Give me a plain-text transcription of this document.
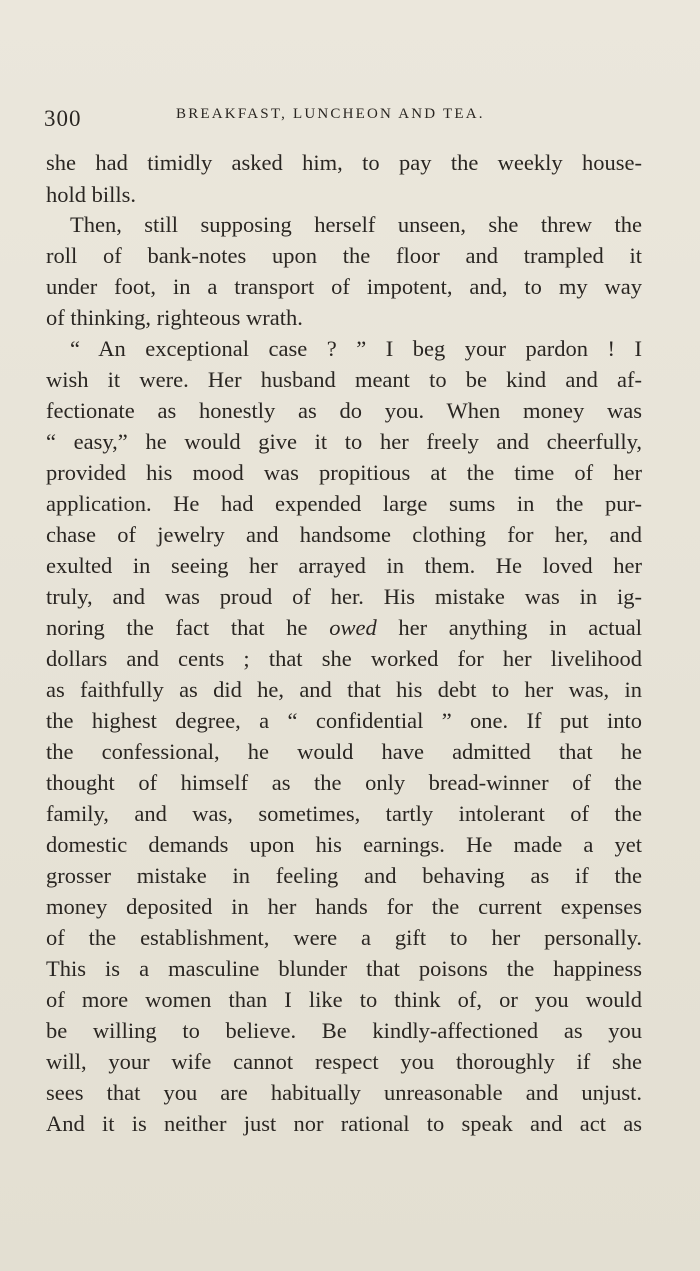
300	BREAKFAST, LUNCHEON AND TEA.
she had timidly asked him, to pay the weekly house-
hold bills.
Then, still supposing herself unseen, she threw the
roll of bank-notes upon the floor and trampled it
under foot, in a transport of impotent, and, to my way
of thinking, righteous wrath.
“ An exceptional case ? ” I beg your pardon ! I
wish it were. Her husband meant to be kind and af-
fectionate as honestly as do you. When money was
“ easy,” he would give it to her freely and cheerfully,
provided his mood was propitious at the time of her
application. He had expended large sums in the pur-
chase of jewelry and handsome clothing for her, and
exulted in seeing her arrayed in them. He loved her
truly, and was proud of her. His mistake was in ig-
noring the fact that he owed her anything in actual
dollars and cents ; that she worked for her livelihood
as faithfully as did he, and that his debt to her was, in
the highest degree, a “ confidential ” one. If put into
the confessional, he would have admitted that he
thought of himself as the only bread-winner of the
family, and was, sometimes, tartly intolerant of the
domestic demands upon his earnings. He made a yet
grosser mistake in feeling and behaving as if the
money deposited in her hands for the current expenses
of the establishment, were a gift to her personally.
This is a masculine blunder that poisons the happiness
of more women than I like to think of, or you would
be willing to believe. Be kindly-affectioned as you
will, your wife cannot respect you thoroughly if she
sees that you are habitually unreasonable and unjust.
And it is neither just nor rational to speak and act as
